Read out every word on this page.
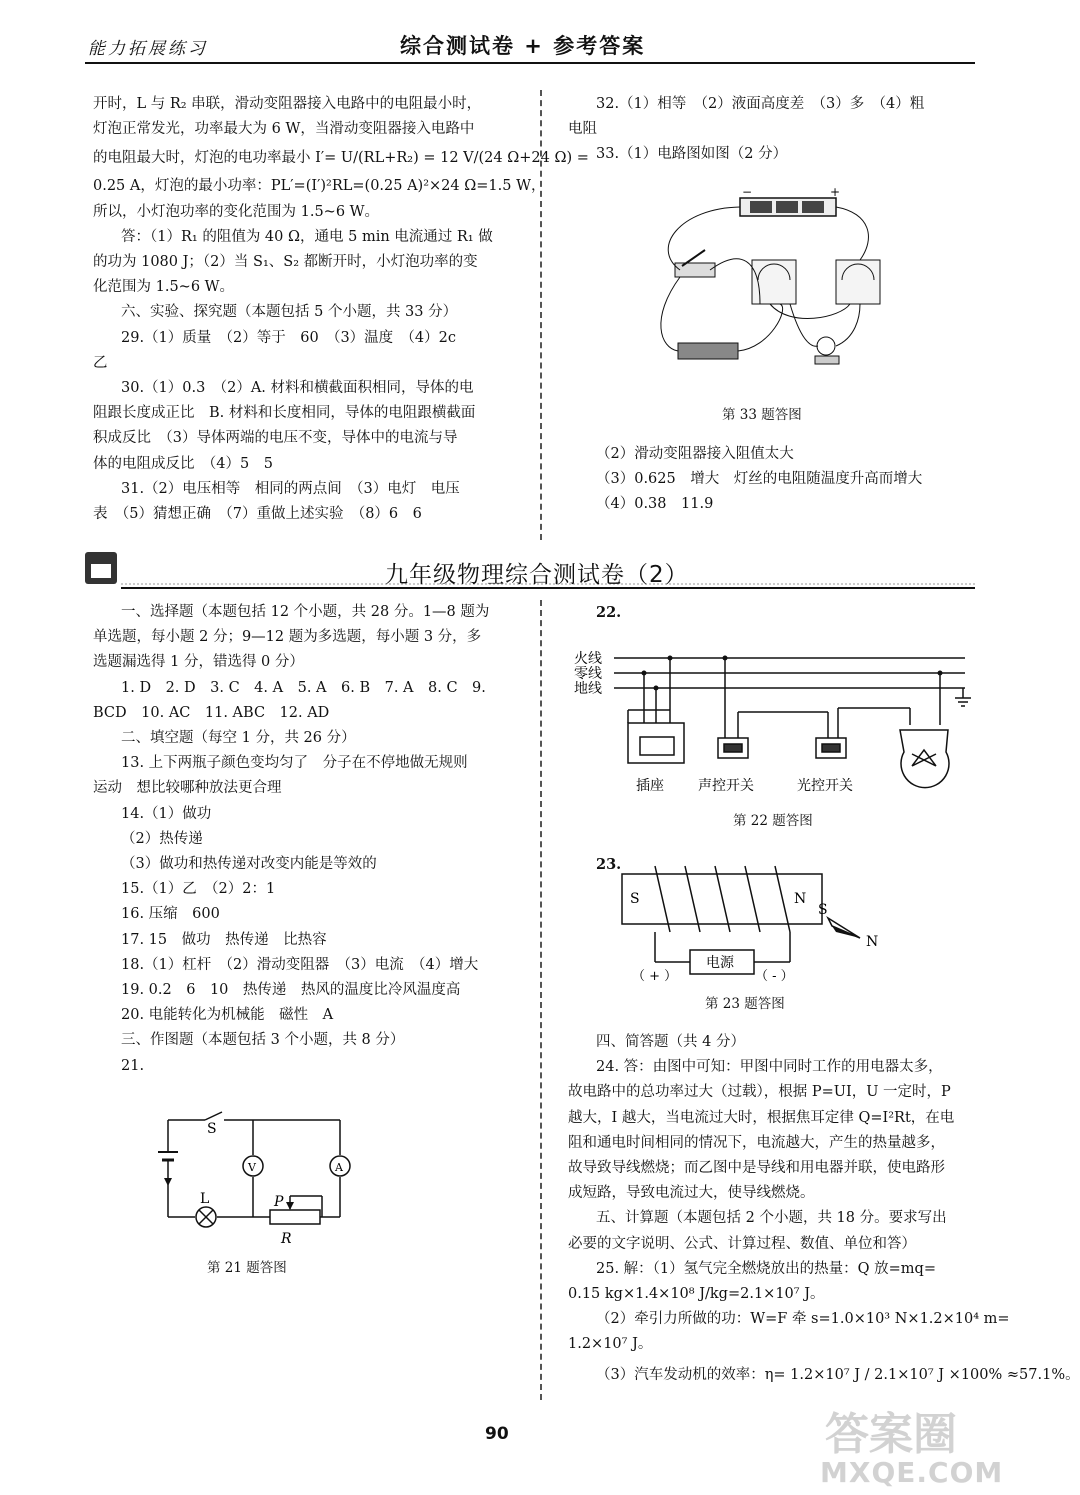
能力拓展练习	综合测试卷 + 参考答案

开时，L 与 R₂ 串联，滑动变阻器接入电路中的电阻最小时，

灯泡正常发光，功率最大为 6 W，当滑动变阻器接入电路中

的电阻最大时，灯泡的电功率最小 I′= U/(RL+R₂) = 12 V/(24 Ω+24 Ω) =

0.25 A，灯泡的最小功率：PL′=(I′)²RL=(0.25 A)²×24 Ω=1.5 W，

所以，小灯泡功率的变化范围为 1.5~6 W。

答：（1）R₁ 的阻值为 40 Ω，通电 5 min 电流通过 R₁ 做

的功为 1080 J；（2）当 S₁、S₂ 都断开时，小灯泡功率的变

化范围为 1.5~6 W。

六、实验、探究题（本题包括 5 个小题，共 33 分）

29.（1）质量　（2）等于　60　（3）温度　（4）2c

乙

30.（1）0.3　（2）A. 材料和横截面积相同，导体的电

阻跟长度成正比　B. 材料和长度相同，导体的电阻跟横截面

积成反比　（3）导体两端的电压不变，导体中的电流与导

体的电阻成反比　（4）5　5

31.（2）电压相等　相同的两点间　（3）电灯　电压

表　（5）猜想正确　（7）重做上述实验　（8）6　6

32.（1）相等　（2）液面高度差　（3）多　（4）粗

电阻

33.（1）电路图如图（2 分）

−	+
第 33 题答图

（2）滑动变阻器接入阻值太大

（3）0.625　增大　灯丝的电阻随温度升高而增大

（4）0.38　11.9

九年级物理综合测试卷（2）

一、选择题（本题包括 12 个小题，共 28 分。1—8 题为

单选题，每小题 2 分；9—12 题为多选题，每小题 3 分，多

选题漏选得 1 分，错选得 0 分）

1. D　2. D　3. C　4. A　5. A　6. B　7. A　8. C　9.

BCD　10. AC　11. ABC　12. AD

二、填空题（每空 1 分，共 26 分）

13. 上下两瓶子颜色变均匀了　分子在不停地做无规则

运动　想比较哪种放法更合理

14.（1）做功

（2）热传递

（3）做功和热传递对改变内能是等效的

15.（1）乙　（2）2：1

16. 压缩　600

17. 15　做功　热传递　比热容

18.（1）杠杆　（2）滑动变阻器　（3）电流　（4）增大

19. 0.2　6　10　热传递　热风的温度比冷风温度高

20. 电能转化为机械能　磁性　A

三、作图题（本题包括 3 个小题，共 8 分）

21.

S
V	A
L	P
R
第 21 题答图

22.

火线
零线
地线
插座 声控开关	光控开关
第 22 题答图

23.

S	N
S
N
电源
（ + ）	（ - ）
第 23 题答图

四、简答题（共 4 分）

24. 答：由图中可知：甲图中同时工作的用电器太多，

故电路中的总功率过大（过载），根据 P=UI，U 一定时，P

越大，I 越大，当电流过大时，根据焦耳定律 Q=I²Rt，在电

阻和通电时间相同的情况下，电流越大，产生的热量越多，

故导致导线燃烧；而乙图中是导线和用电器并联，使电路形

成短路，导致电流过大，使导线燃烧。

五、计算题（本题包括 2 个小题，共 18 分。要求写出

必要的文字说明、公式、计算过程、数值、单位和答）

25. 解：（1）氢气完全燃烧放出的热量：Q 放=mq=

0.15 kg×1.4×10⁸ J/kg=2.1×10⁷ J。

（2）牵引力所做的功：W=F 牵 s=1.0×10³ N×1.2×10⁴ m=

1.2×10⁷ J。

（3）汽车发动机的效率：η= 1.2×10⁷ J / 2.1×10⁷ J ×100% ≈57.1%。

90	答案圈
MXQE.COM
